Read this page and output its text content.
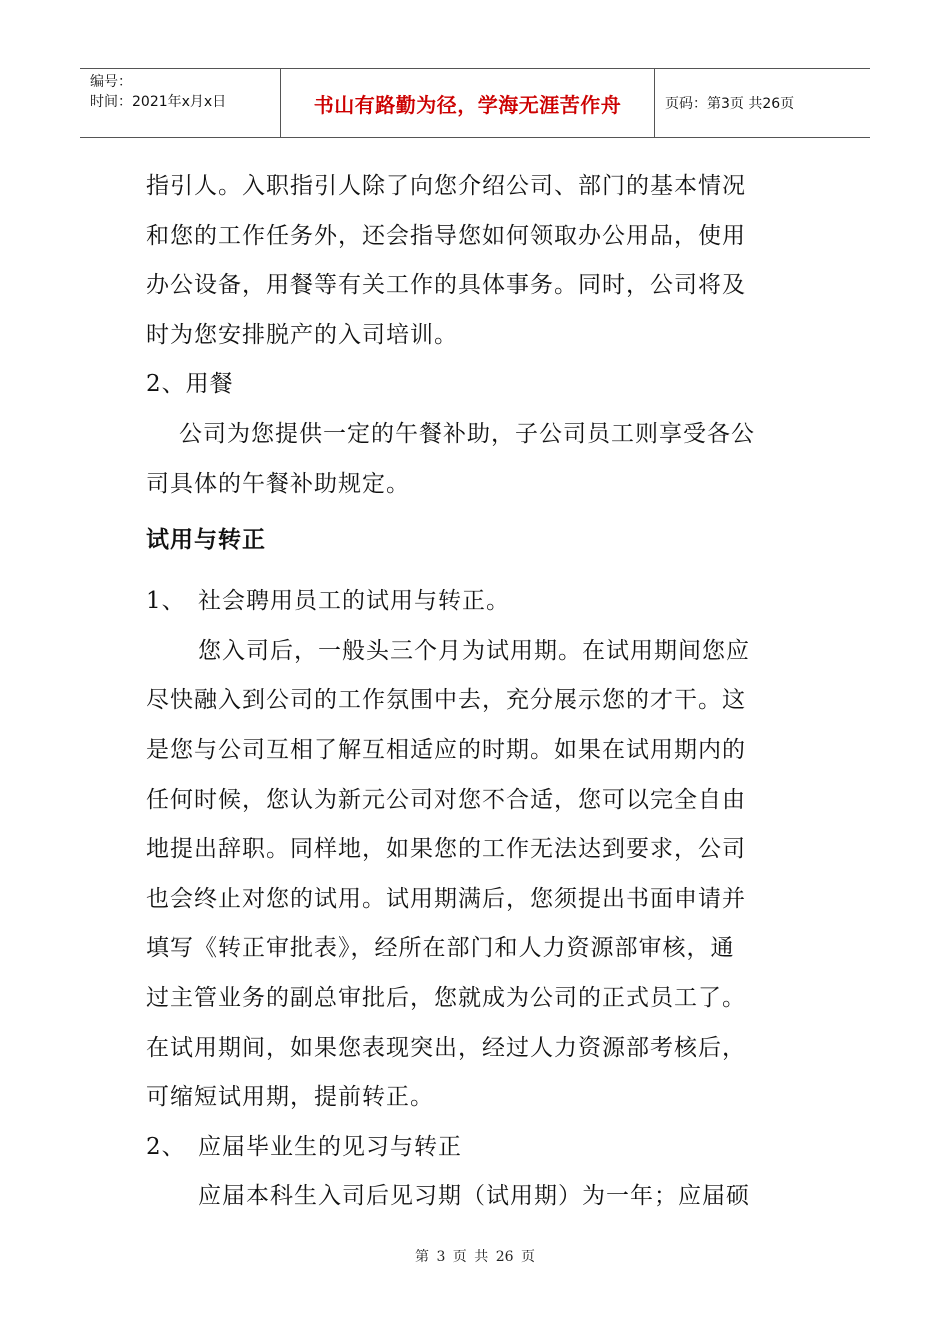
编号：
时间：2021年x月x日	书山有路勤为径，学海无涯苦作舟	页码：第3页 共26页

指引人。入职指引人除了向您介绍公司、部门的基本情况

和您的工作任务外，还会指导您如何领取办公用品，使用

办公设备，用餐等有关工作的具体事务。同时，公司将及

时为您安排脱产的入司培训。

2、用餐

公司为您提供一定的午餐补助，子公司员工则享受各公

司具体的午餐补助规定。

试用与转正

1、 社会聘用员工的试用与转正。

您入司后，一般头三个月为试用期。在试用期间您应

尽快融入到公司的工作氛围中去，充分展示您的才干。这

是您与公司互相了解互相适应的时期。如果在试用期内的

任何时候，您认为新元公司对您不合适，您可以完全自由

地提出辞职。同样地，如果您的工作无法达到要求，公司

也会终止对您的试用。试用期满后，您须提出书面申请并

填写《转正审批表》，经所在部门和人力资源部审核，通

过主管业务的副总审批后，您就成为公司的正式员工了。

在试用期间，如果您表现突出，经过人力资源部考核后，

可缩短试用期，提前转正。

2、 应届毕业生的见习与转正

应届本科生入司后见习期（试用期）为一年；应届硕

第 3 页 共 26 页
